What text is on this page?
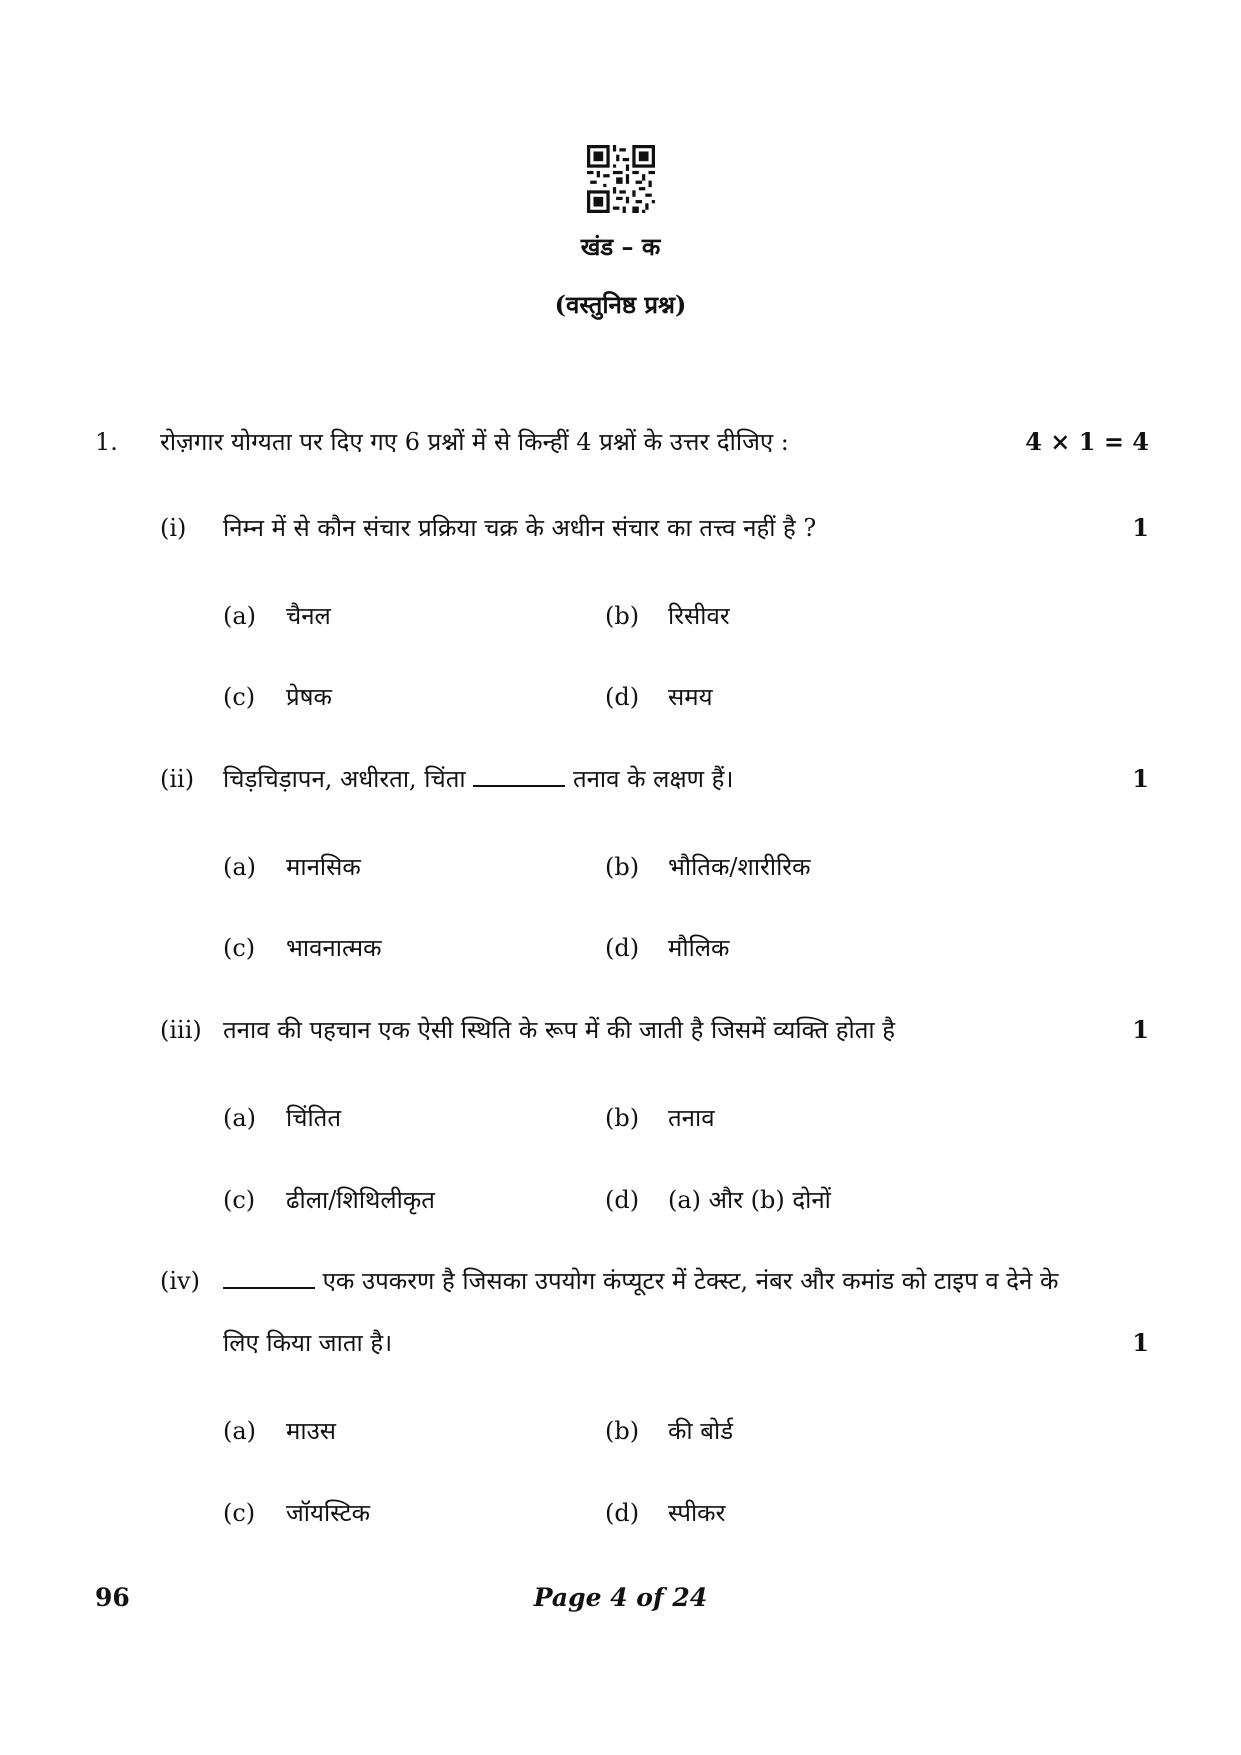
खंड – क
(वस्तुनिष्ठ प्रश्न)
1. रोज़गार योग्यता पर दिए गए 6 प्रश्नों में से किन्हीं 4 प्रश्नों के उत्तर दीजिए :	4 × 1 = 4
(i) निम्न में से कौन संचार प्रक्रिया चक्र के अधीन संचार का तत्त्व नहीं है ?	1
(a) चैनल	(b) रिसीवर
(c) प्रेषक	(d) समय
(ii) चिड़चिड़ापन, अधीरता, चिंता	तनाव के लक्षण हैं।	1
(a) मानसिक	(b) भौतिक/शारीरिक
(c) भावनात्मक	(d) मौलिक
(iii) तनाव की पहचान एक ऐसी स्थिति के रूप में की जाती है जिसमें व्यक्ति होता है	1
(a) चिंतित	(b) तनाव
(c) ढीला/शिथिलीकृत	(d) (a) और (b) दोनों
(iv)	एक उपकरण है जिसका उपयोग कंप्यूटर में टेक्स्ट, नंबर और कमांड को टाइप व देने के
लिए किया जाता है।	1
(a) माउस	(b) की बोर्ड
(c) जॉयस्टिक	(d) स्पीकर
96	Page 4 of 24
